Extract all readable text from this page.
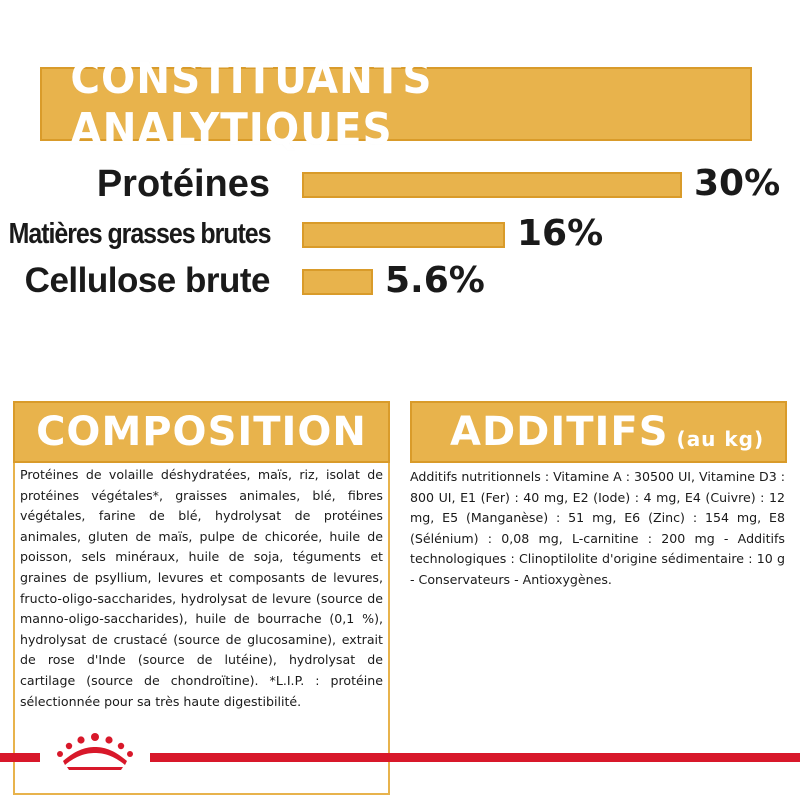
CONSTITUANTS ANALYTIQUES
Protéines	30%
Matières grasses brutes	16%
Cellulose brute	5.6%
COMPOSITION
Protéines de volaille déshydratées, maïs, riz, isolat de protéines végétales*, graisses animales, blé, fibres végétales, farine de blé, hydrolysat de protéines animales, gluten de maïs, pulpe de chicorée, huile de poisson, sels minéraux, huile de soja, téguments et graines de psyllium, levures et composants de levures, fructo-oligo-saccharides, hydrolysat de levure (source de manno-oligo-saccharides), huile de bourrache (0,1 %), hydrolysat de crustacé (source de glucosamine), extrait de rose d'Inde (source de lutéine), hydrolysat de cartilage (source de chondroïtine). *L.I.P. : protéine sélectionnée pour sa très haute digestibilité.
ADDITIFS (au kg)
Additifs nutritionnels : Vitamine A : 30500 UI, Vitamine D3 : 800 UI, E1 (Fer) : 40 mg, E2 (Iode) : 4 mg, E4 (Cuivre) : 12 mg, E5 (Manganèse) : 51 mg, E6 (Zinc) : 154 mg, E8 (Sélénium) : 0,08 mg, L-carnitine : 200 mg - Additifs technologiques : Clinoptilolite d'origine sédimentaire : 10 g - Conservateurs - Antioxygènes.
